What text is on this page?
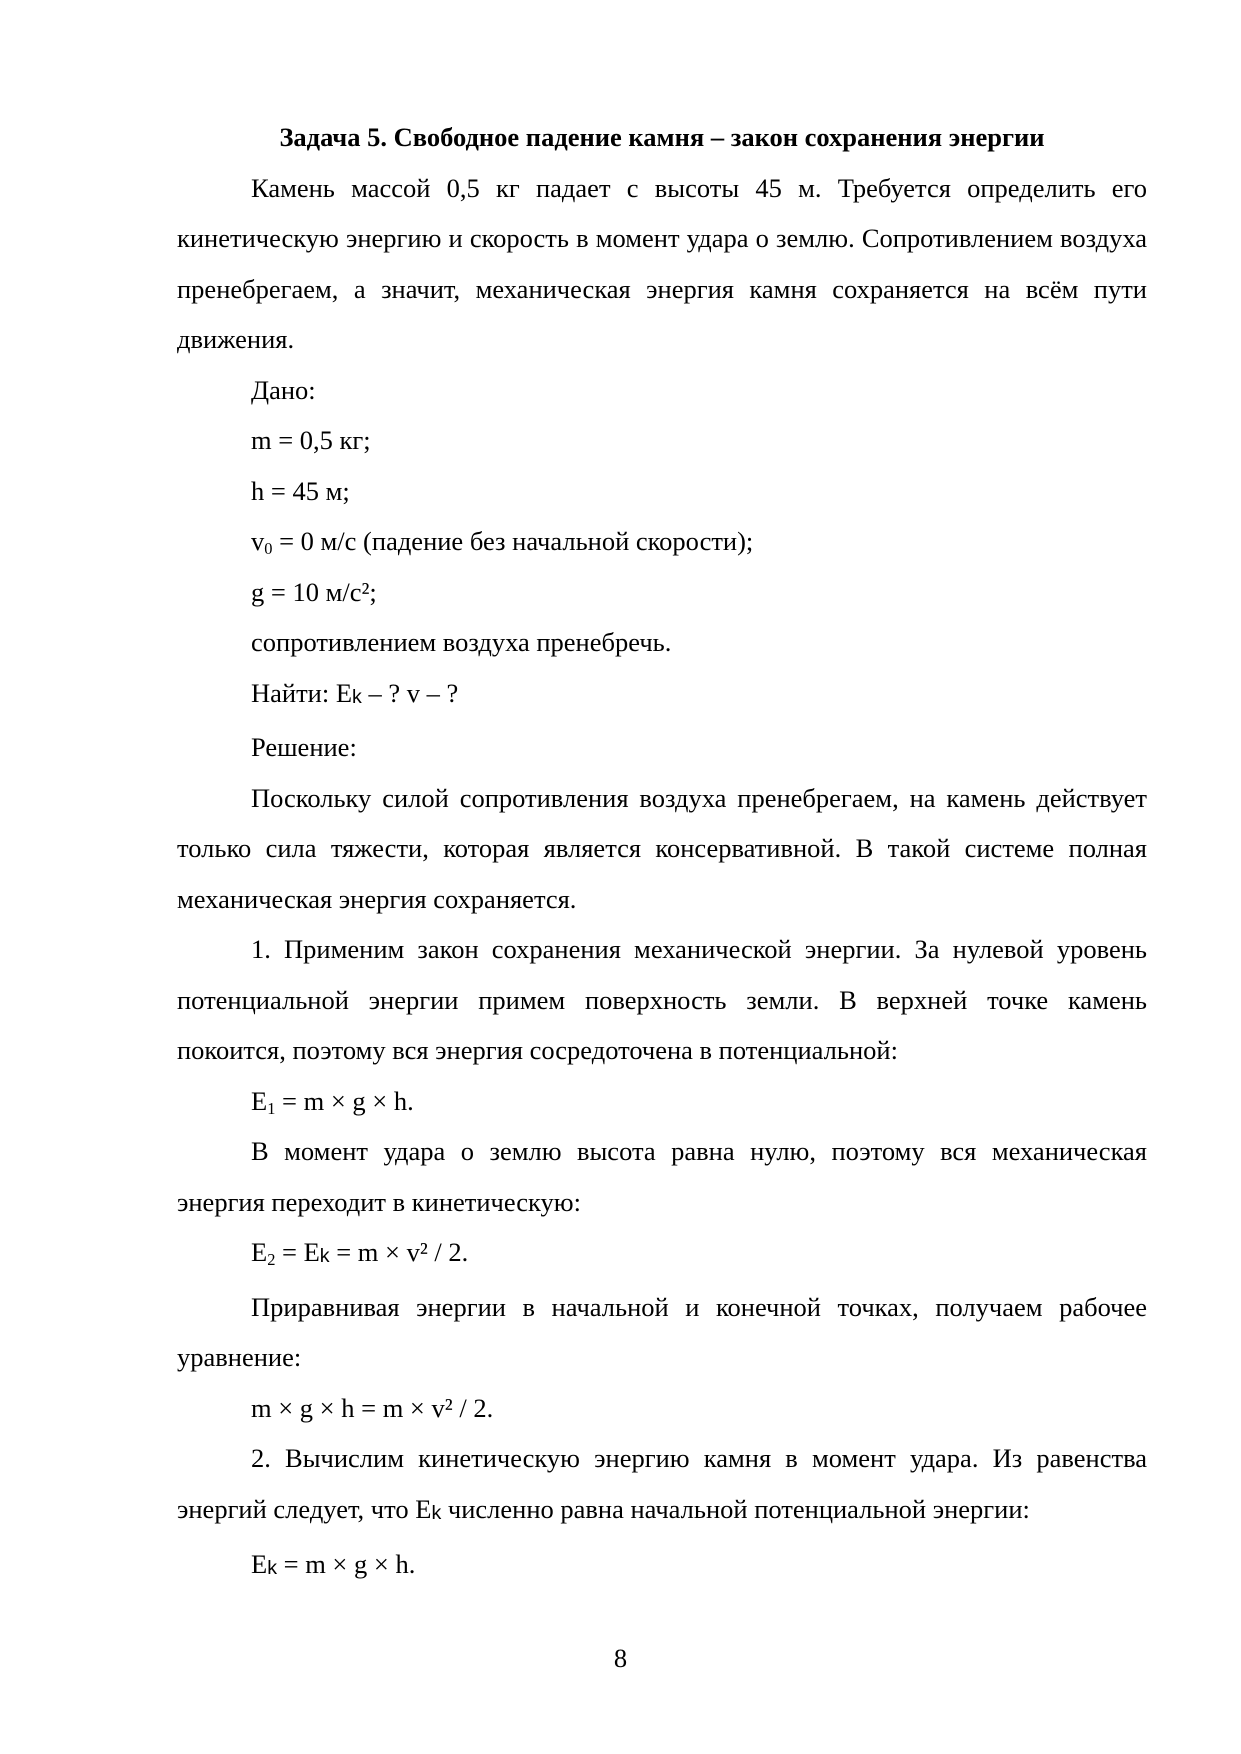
Задача 5. Свободное падение камня – закон сохранения энергии

Камень массой 0,5 кг падает с высоты 45 м. Требуется определить его кинетическую энергию и скорость в момент удара о землю. Сопротивлением воздуха пренебрегаем, а значит, механическая энергия камня сохраняется на всём пути движения.

Дано:

m = 0,5 кг;

h = 45 м;

$v_0 = 0$ м/с (падение без начальной скорости);

g = 10 м/с²;

сопротивлением воздуха пренебречь.

Найти: Ek – ? v – ?

Решение:

Поскольку силой сопротивления воздуха пренебрегаем, на камень действует только сила тяжести, которая является консервативной. В такой системе полная механическая энергия сохраняется.

1. Применим закон сохранения механической энергии. За нулевой уровень потенциальной энергии примем поверхность земли. В верхней точке камень покоится, поэтому вся энергия сосредоточена в потенциальной:

$E_1 = m \times g \times h$.

В момент удара о землю высота равна нулю, поэтому вся механическая энергия переходит в кинетическую:

$E_2 = Ek = m \times v^2 / 2$.

Приравнивая энергии в начальной и конечной точках, получаем рабочее уравнение:

m × g × h = m × v² / 2.

2. Вычислим кинетическую энергию камня в момент удара. Из равенства энергий следует, что Ek численно равна начальной потенциальной энергии:

Ek = m × g × h.

8
